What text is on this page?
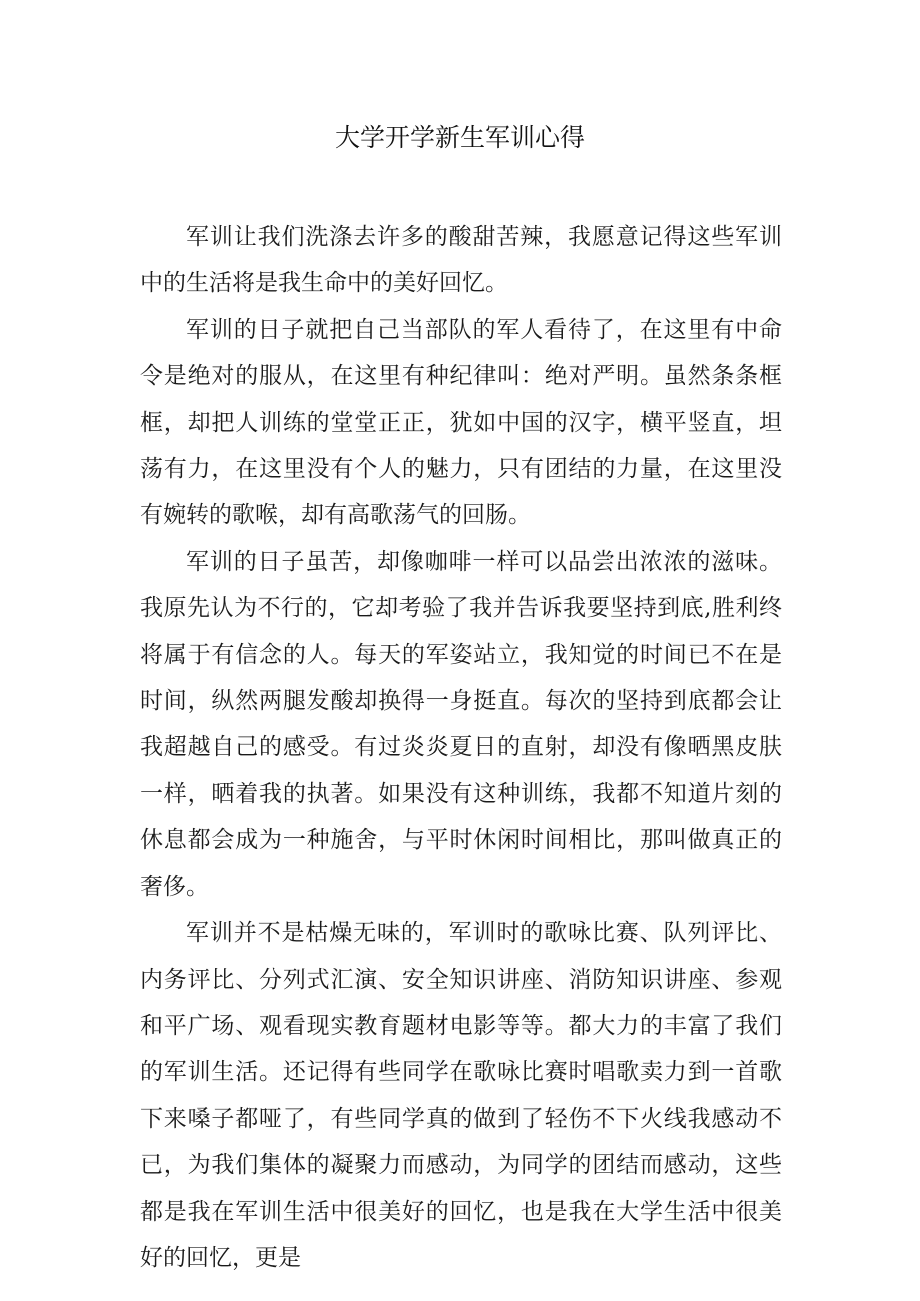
大学开学新生军训心得

军训让我们洗涤去许多的酸甜苦辣，我愿意记得这些军训中的生活将是我生命中的美好回忆。

军训的日子就把自己当部队的军人看待了，在这里有中命令是绝对的服从，在这里有种纪律叫：绝对严明。虽然条条框框，却把人训练的堂堂正正，犹如中国的汉字，横平竖直，坦荡有力，在这里没有个人的魅力，只有团结的力量，在这里没有婉转的歌喉，却有高歌荡气的回肠。

军训的日子虽苦，却像咖啡一样可以品尝出浓浓的滋味。我原先认为不行的，它却考验了我并告诉我要坚持到底,胜利终将属于有信念的人。每天的军姿站立，我知觉的时间已不在是时间，纵然两腿发酸却换得一身挺直。每次的坚持到底都会让我超越自己的感受。有过炎炎夏日的直射，却没有像晒黑皮肤一样，晒着我的执著。如果没有这种训练，我都不知道片刻的休息都会成为一种施舍，与平时休闲时间相比，那叫做真正的奢侈。

军训并不是枯燥无味的，军训时的歌咏比赛、队列评比、内务评比、分列式汇演、安全知识讲座、消防知识讲座、参观和平广场、观看现实教育题材电影等等。都大力的丰富了我们的军训生活。还记得有些同学在歌咏比赛时唱歌卖力到一首歌下来嗓子都哑了，有些同学真的做到了轻伤不下火线我感动不已，为我们集体的凝聚力而感动，为同学的团结而感动，这些都是我在军训生活中很美好的回忆，也是我在大学生活中很美好的回忆，更是
